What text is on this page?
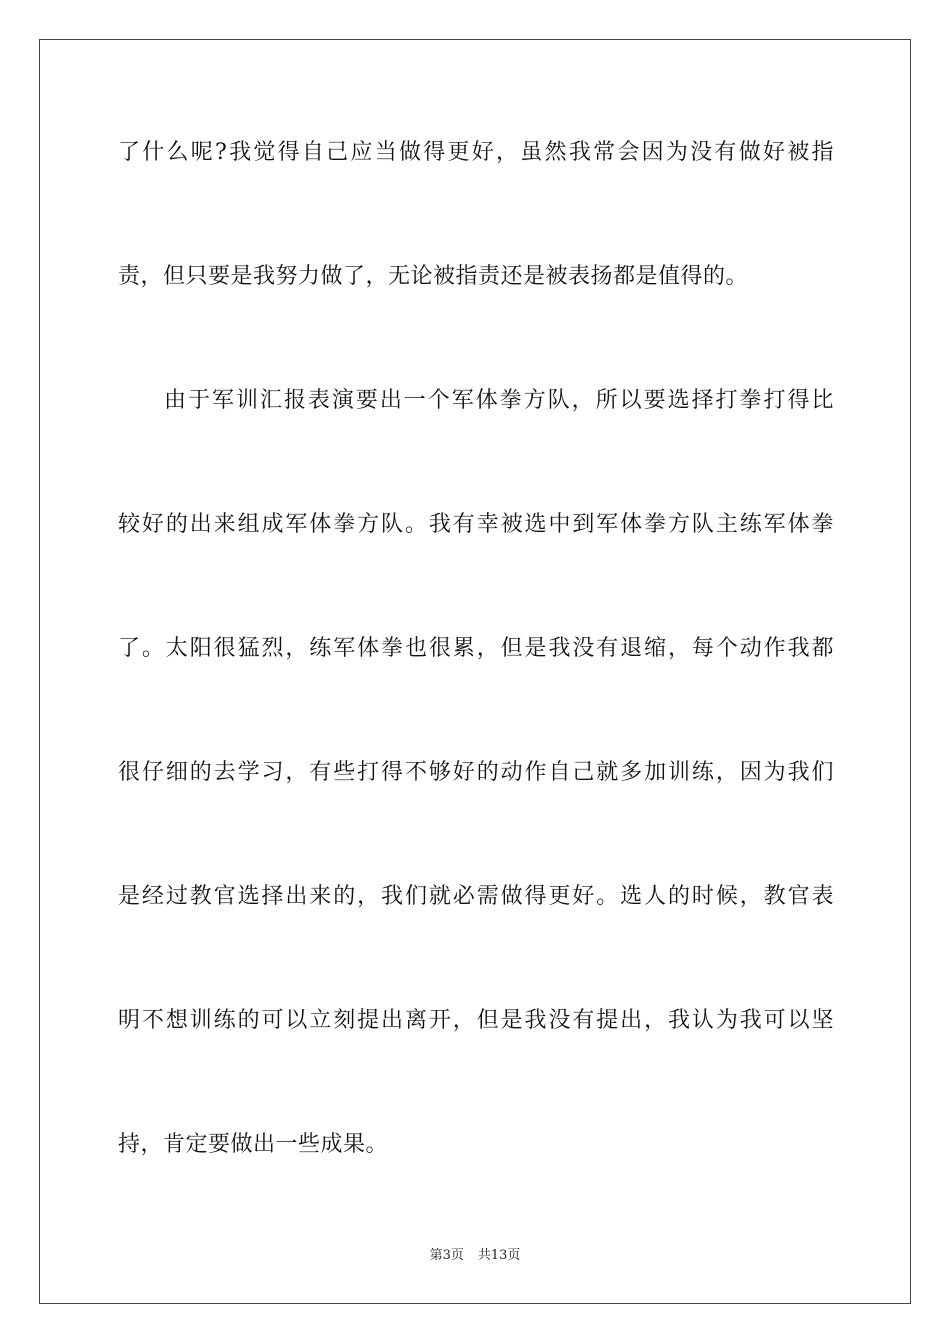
了什么呢?我觉得自己应当做得更好，虽然我常会因为没有做好被指
责，但只要是我努力做了，无论被指责还是被表扬都是值得的。
由于军训汇报表演要出一个军体拳方队，所以要选择打拳打得比
较好的出来组成军体拳方队。我有幸被选中到军体拳方队主练军体拳
了。太阳很猛烈，练军体拳也很累，但是我没有退缩，每个动作我都
很仔细的去学习，有些打得不够好的动作自己就多加训练，因为我们
是经过教官选择出来的，我们就必需做得更好。选人的时候，教官表
明不想训练的可以立刻提出离开，但是我没有提出，我认为我可以坚
持，肯定要做出一些成果。
第3页 共13页
